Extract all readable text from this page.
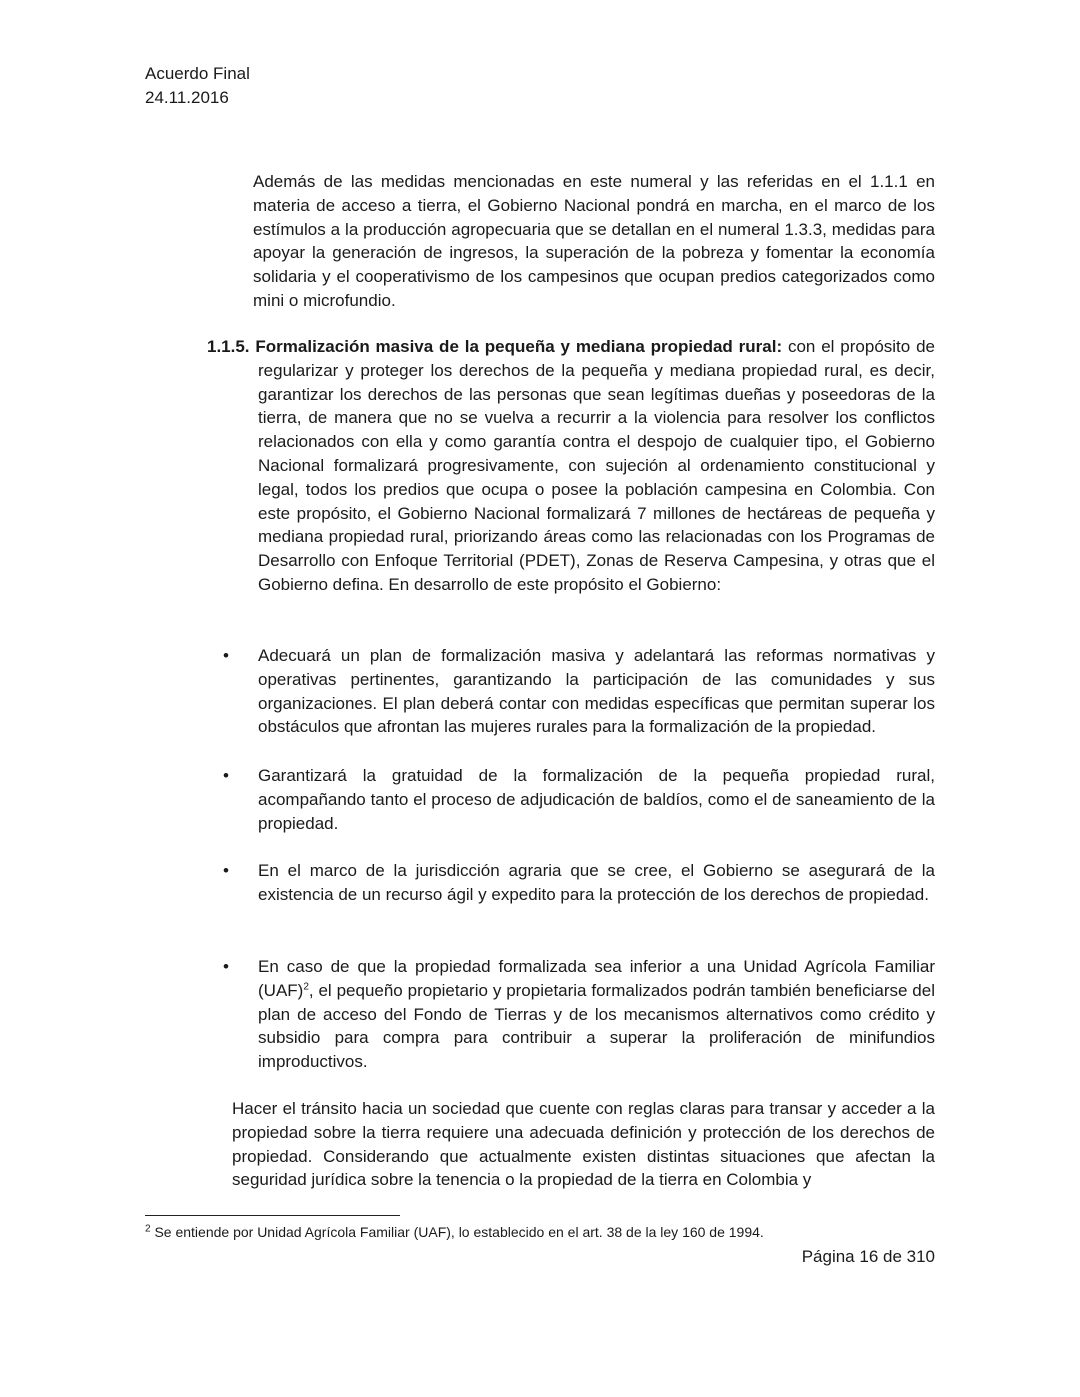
Acuerdo Final
24.11.2016

Además de las medidas mencionadas en este numeral y las referidas en el 1.1.1 en materia de acceso a tierra, el Gobierno Nacional pondrá en marcha, en el marco de los estímulos a la producción agropecuaria que se detallan en el numeral 1.3.3, medidas para apoyar la generación de ingresos, la superación de la pobreza y fomentar la economía solidaria y el cooperativismo de los campesinos que ocupan predios categorizados como mini o microfundio.

1.1.5. Formalización masiva de la pequeña y mediana propiedad rural: con el propósito de regularizar y proteger los derechos de la pequeña y mediana propiedad rural, es decir, garantizar los derechos de las personas que sean legítimas dueñas y poseedoras de la tierra, de manera que no se vuelva a recurrir a la violencia para resolver los conflictos relacionados con ella y como garantía contra el despojo de cualquier tipo, el Gobierno Nacional formalizará progresivamente, con sujeción al ordenamiento constitucional y legal, todos los predios que ocupa o posee la población campesina en Colombia. Con este propósito, el Gobierno Nacional formalizará 7 millones de hectáreas de pequeña y mediana propiedad rural, priorizando áreas como las relacionadas con los Programas de Desarrollo con Enfoque Territorial (PDET), Zonas de Reserva Campesina, y otras que el Gobierno defina. En desarrollo de este propósito el Gobierno:

• Adecuará un plan de formalización masiva y adelantará las reformas normativas y operativas pertinentes, garantizando la participación de las comunidades y sus organizaciones. El plan deberá contar con medidas específicas que permitan superar los obstáculos que afrontan las mujeres rurales para la formalización de la propiedad.

• Garantizará la gratuidad de la formalización de la pequeña propiedad rural, acompañando tanto el proceso de adjudicación de baldíos, como el de saneamiento de la propiedad.

• En el marco de la jurisdicción agraria que se cree, el Gobierno se asegurará de la existencia de un recurso ágil y expedito para la protección de los derechos de propiedad.

• En caso de que la propiedad formalizada sea inferior a una Unidad Agrícola Familiar (UAF)$^2$, el pequeño propietario y propietaria formalizados podrán también beneficiarse del plan de acceso del Fondo de Tierras y de los mecanismos alternativos como crédito y subsidio para compra para contribuir a superar la proliferación de minifundios improductivos.

Hacer el tránsito hacia un sociedad que cuente con reglas claras para transar y acceder a la propiedad sobre la tierra requiere una adecuada definición y protección de los derechos de propiedad. Considerando que actualmente existen distintas situaciones que afectan la seguridad jurídica sobre la tenencia o la propiedad de la tierra en Colombia y

$^2$ Se entiende por Unidad Agrícola Familiar (UAF), lo establecido en el art. 38 de la ley 160 de 1994.
Página 16 de 310
